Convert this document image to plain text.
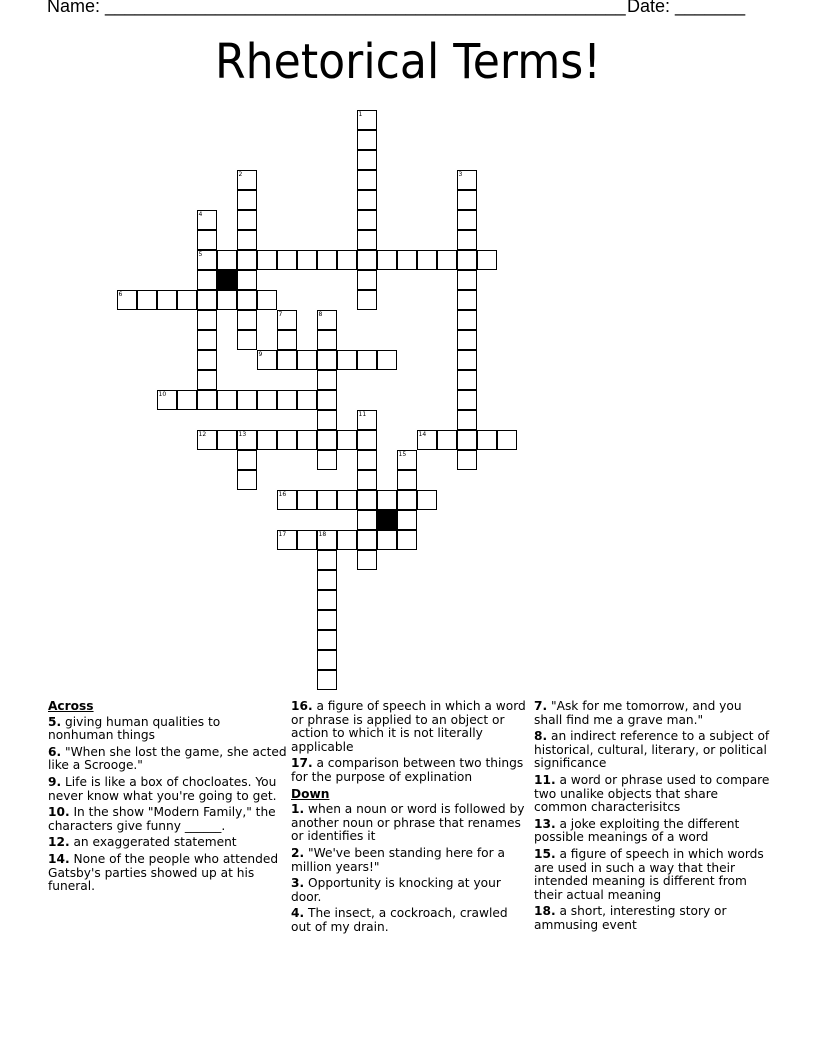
Name: ____________________________________________________ Date: _______
Rhetorical Terms!
1
2	3
4
5
6
7	8
9
10
11
12	13	14
15
16
17	18
Across
5. giving human qualities to nonhuman things
6. "When she lost the game, she acted like a Scrooge."
9. Life is like a box of chocloates. You never know what you're going to get.
10. In the show "Modern Family," the characters give funny ______.
12. an exaggerated statement
14. None of the people who attended Gatsby's parties showed up at his funeral.
16. a figure of speech in which a word or phrase is applied to an object or action to which it is not literally applicable
17. a comparison between two things for the purpose of explination
Down
1. when a noun or word is followed by another noun or phrase that renames or identifies it
2. "We've been standing here for a million years!"
3. Opportunity is knocking at your door.
4. The insect, a cockroach, crawled out of my drain.
7. "Ask for me tomorrow, and you shall find me a grave man."
8. an indirect reference to a subject of historical, cultural, literary, or political significance
11. a word or phrase used to compare two unalike objects that share common characterisitcs
13. a joke exploiting the different possible meanings of a word
15. a figure of speech in which words are used in such a way that their intended meaning is different from their actual meaning
18. a short, interesting story or ammusing event
